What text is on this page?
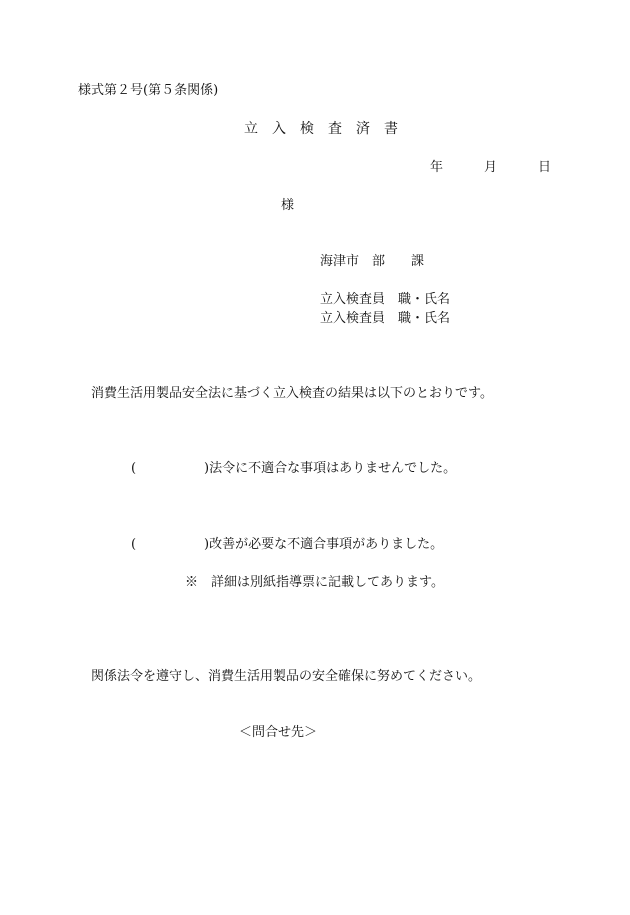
様式第２号(第５条関係)
立　入　検　査　済　書
年	月	日
様
海津市　部　　課
立入検査員　職・氏名
立入検査員　職・氏名
消費生活用製品安全法に基づく立入検査の結果は以下のとおりです。
(	)法令に不適合な事項はありませんでした。
(	)改善が必要な不適合事項がありました。
※　詳細は別紙指導票に記載してあります。
関係法令を遵守し、消費生活用製品の安全確保に努めてください。
＜問合せ先＞
